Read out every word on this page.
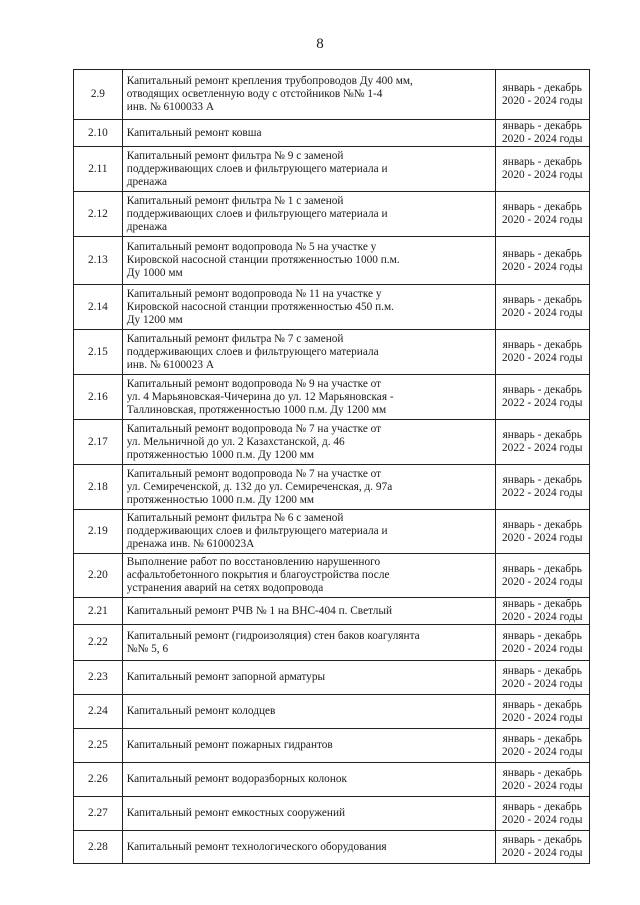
8
2.9	Капитальный ремонт крепления трубопроводов Ду 400 мм,
отводящих осветленную воду с отстойников №№ 1-4
инв. № 6100033 А	январь - декабрь
2020 - 2024 годы

2.10	Капитальный ремонт ковша	январь - декабрь
2020 - 2024 годы

2.11	Капитальный ремонт фильтра № 9 с заменой
поддерживающих слоев и фильтрующего материала и
дренажа	январь - декабрь
2020 - 2024 годы

2.12	Капитальный ремонт фильтра № 1 с заменой
поддерживающих слоев и фильтрующего материала и
дренажа	январь - декабрь
2020 - 2024 годы

2.13	Капитальный ремонт водопровода № 5 на участке у
Кировской насосной станции протяженностью 1000 п.м.
Ду 1000 мм	январь - декабрь
2020 - 2024 годы

2.14	Капитальный ремонт водопровода № 11 на участке у
Кировской насосной станции протяженностью 450 п.м.
Ду 1200 мм	январь - декабрь
2020 - 2024 годы

2.15	Капитальный ремонт фильтра № 7 с заменой
поддерживающих слоев и фильтрующего материала
инв. № 6100023 А	январь - декабрь
2020 - 2024 годы

2.16	Капитальный ремонт водопровода № 9 на участке от
ул. 4 Марьяновская-Чичерина до ул. 12 Марьяновская -
Таллиновская, протяженностью 1000 п.м. Ду 1200 мм	январь - декабрь
2022 - 2024 годы

2.17	Капитальный ремонт водопровода № 7 на участке от
ул. Мельничной до ул. 2 Казахстанской, д. 46
протяженностью 1000 п.м. Ду 1200 мм	январь - декабрь
2022 - 2024 годы

2.18	Капитальный ремонт водопровода № 7 на участке от
ул. Семиреченской, д. 132 до ул. Семиреченская, д. 97а
протяженностью 1000 п.м. Ду 1200 мм	январь - декабрь
2022 - 2024 годы

2.19	Капитальный ремонт фильтра № 6 с заменой
поддерживающих слоев и фильтрующего материала и
дренажа инв. № 6100023А	январь - декабрь
2020 - 2024 годы

2.20	Выполнение работ по восстановлению нарушенного
асфальтобетонного покрытия и благоустройства после
устранения аварий на сетях водопровода	январь - декабрь
2020 - 2024 годы

2.21	Капитальный ремонт РЧВ № 1 на ВНС-404 п. Светлый	январь - декабрь
2020 - 2024 годы

2.22	Капитальный ремонт (гидроизоляция) стен баков коагулянта
№№ 5, 6	январь - декабрь
2020 - 2024 годы

2.23	Капитальный ремонт запорной арматуры	январь - декабрь
2020 - 2024 годы

2.24	Капитальный ремонт колодцев	январь - декабрь
2020 - 2024 годы

2.25	Капитальный ремонт пожарных гидрантов	январь - декабрь
2020 - 2024 годы

2.26	Капитальный ремонт водоразборных колонок	январь - декабрь
2020 - 2024 годы

2.27	Капитальный ремонт емкостных сооружений	январь - декабрь
2020 - 2024 годы

2.28	Капитальный ремонт технологического оборудования	январь - декабрь
2020 - 2024 годы
